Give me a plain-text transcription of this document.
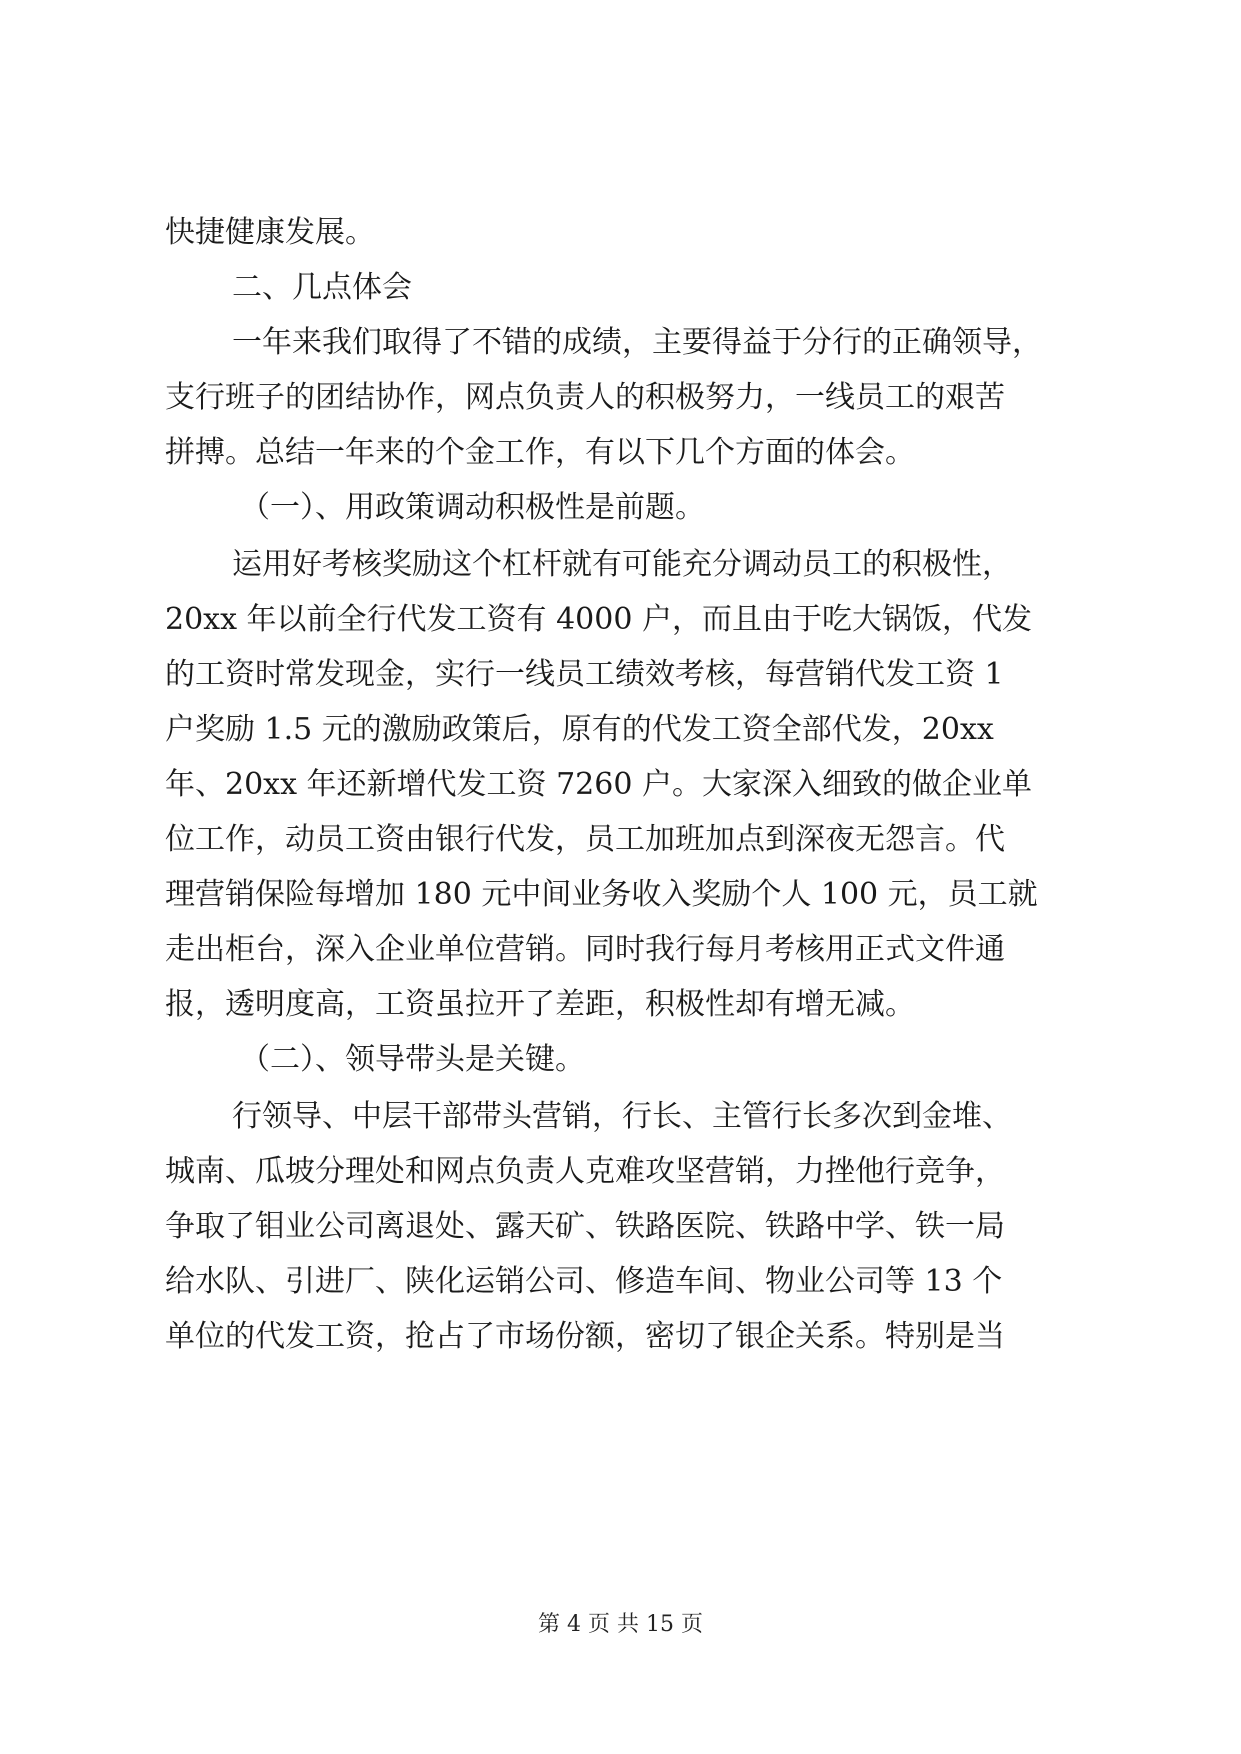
快捷健康发展。
二、几点体会
一年来我们取得了不错的成绩，主要得益于分行的正确领导，
支行班子的团结协作，网点负责人的积极努力，一线员工的艰苦
拼搏。总结一年来的个金工作，有以下几个方面的体会。
（一）、用政策调动积极性是前题。
运用好考核奖励这个杠杆就有可能充分调动员工的积极性，
20xx 年以前全行代发工资有 4000 户，而且由于吃大锅饭，代发
的工资时常发现金，实行一线员工绩效考核，每营销代发工资 1
户奖励 1.5 元的激励政策后，原有的代发工资全部代发，20xx
年、20xx 年还新增代发工资 7260 户。大家深入细致的做企业单
位工作，动员工资由银行代发，员工加班加点到深夜无怨言。代
理营销保险每增加 180 元中间业务收入奖励个人 100 元，员工就
走出柜台，深入企业单位营销。同时我行每月考核用正式文件通
报，透明度高，工资虽拉开了差距，积极性却有增无减。
（二）、领导带头是关键。
行领导、中层干部带头营销，行长、主管行长多次到金堆、
城南、瓜坡分理处和网点负责人克难攻坚营销，力挫他行竞争，
争取了钼业公司离退处、露天矿、铁路医院、铁路中学、铁一局
给水队、引进厂、陕化运销公司、修造车间、物业公司等 13 个
单位的代发工资，抢占了市场份额，密切了银企关系。特别是当
第 4 页 共 15 页
